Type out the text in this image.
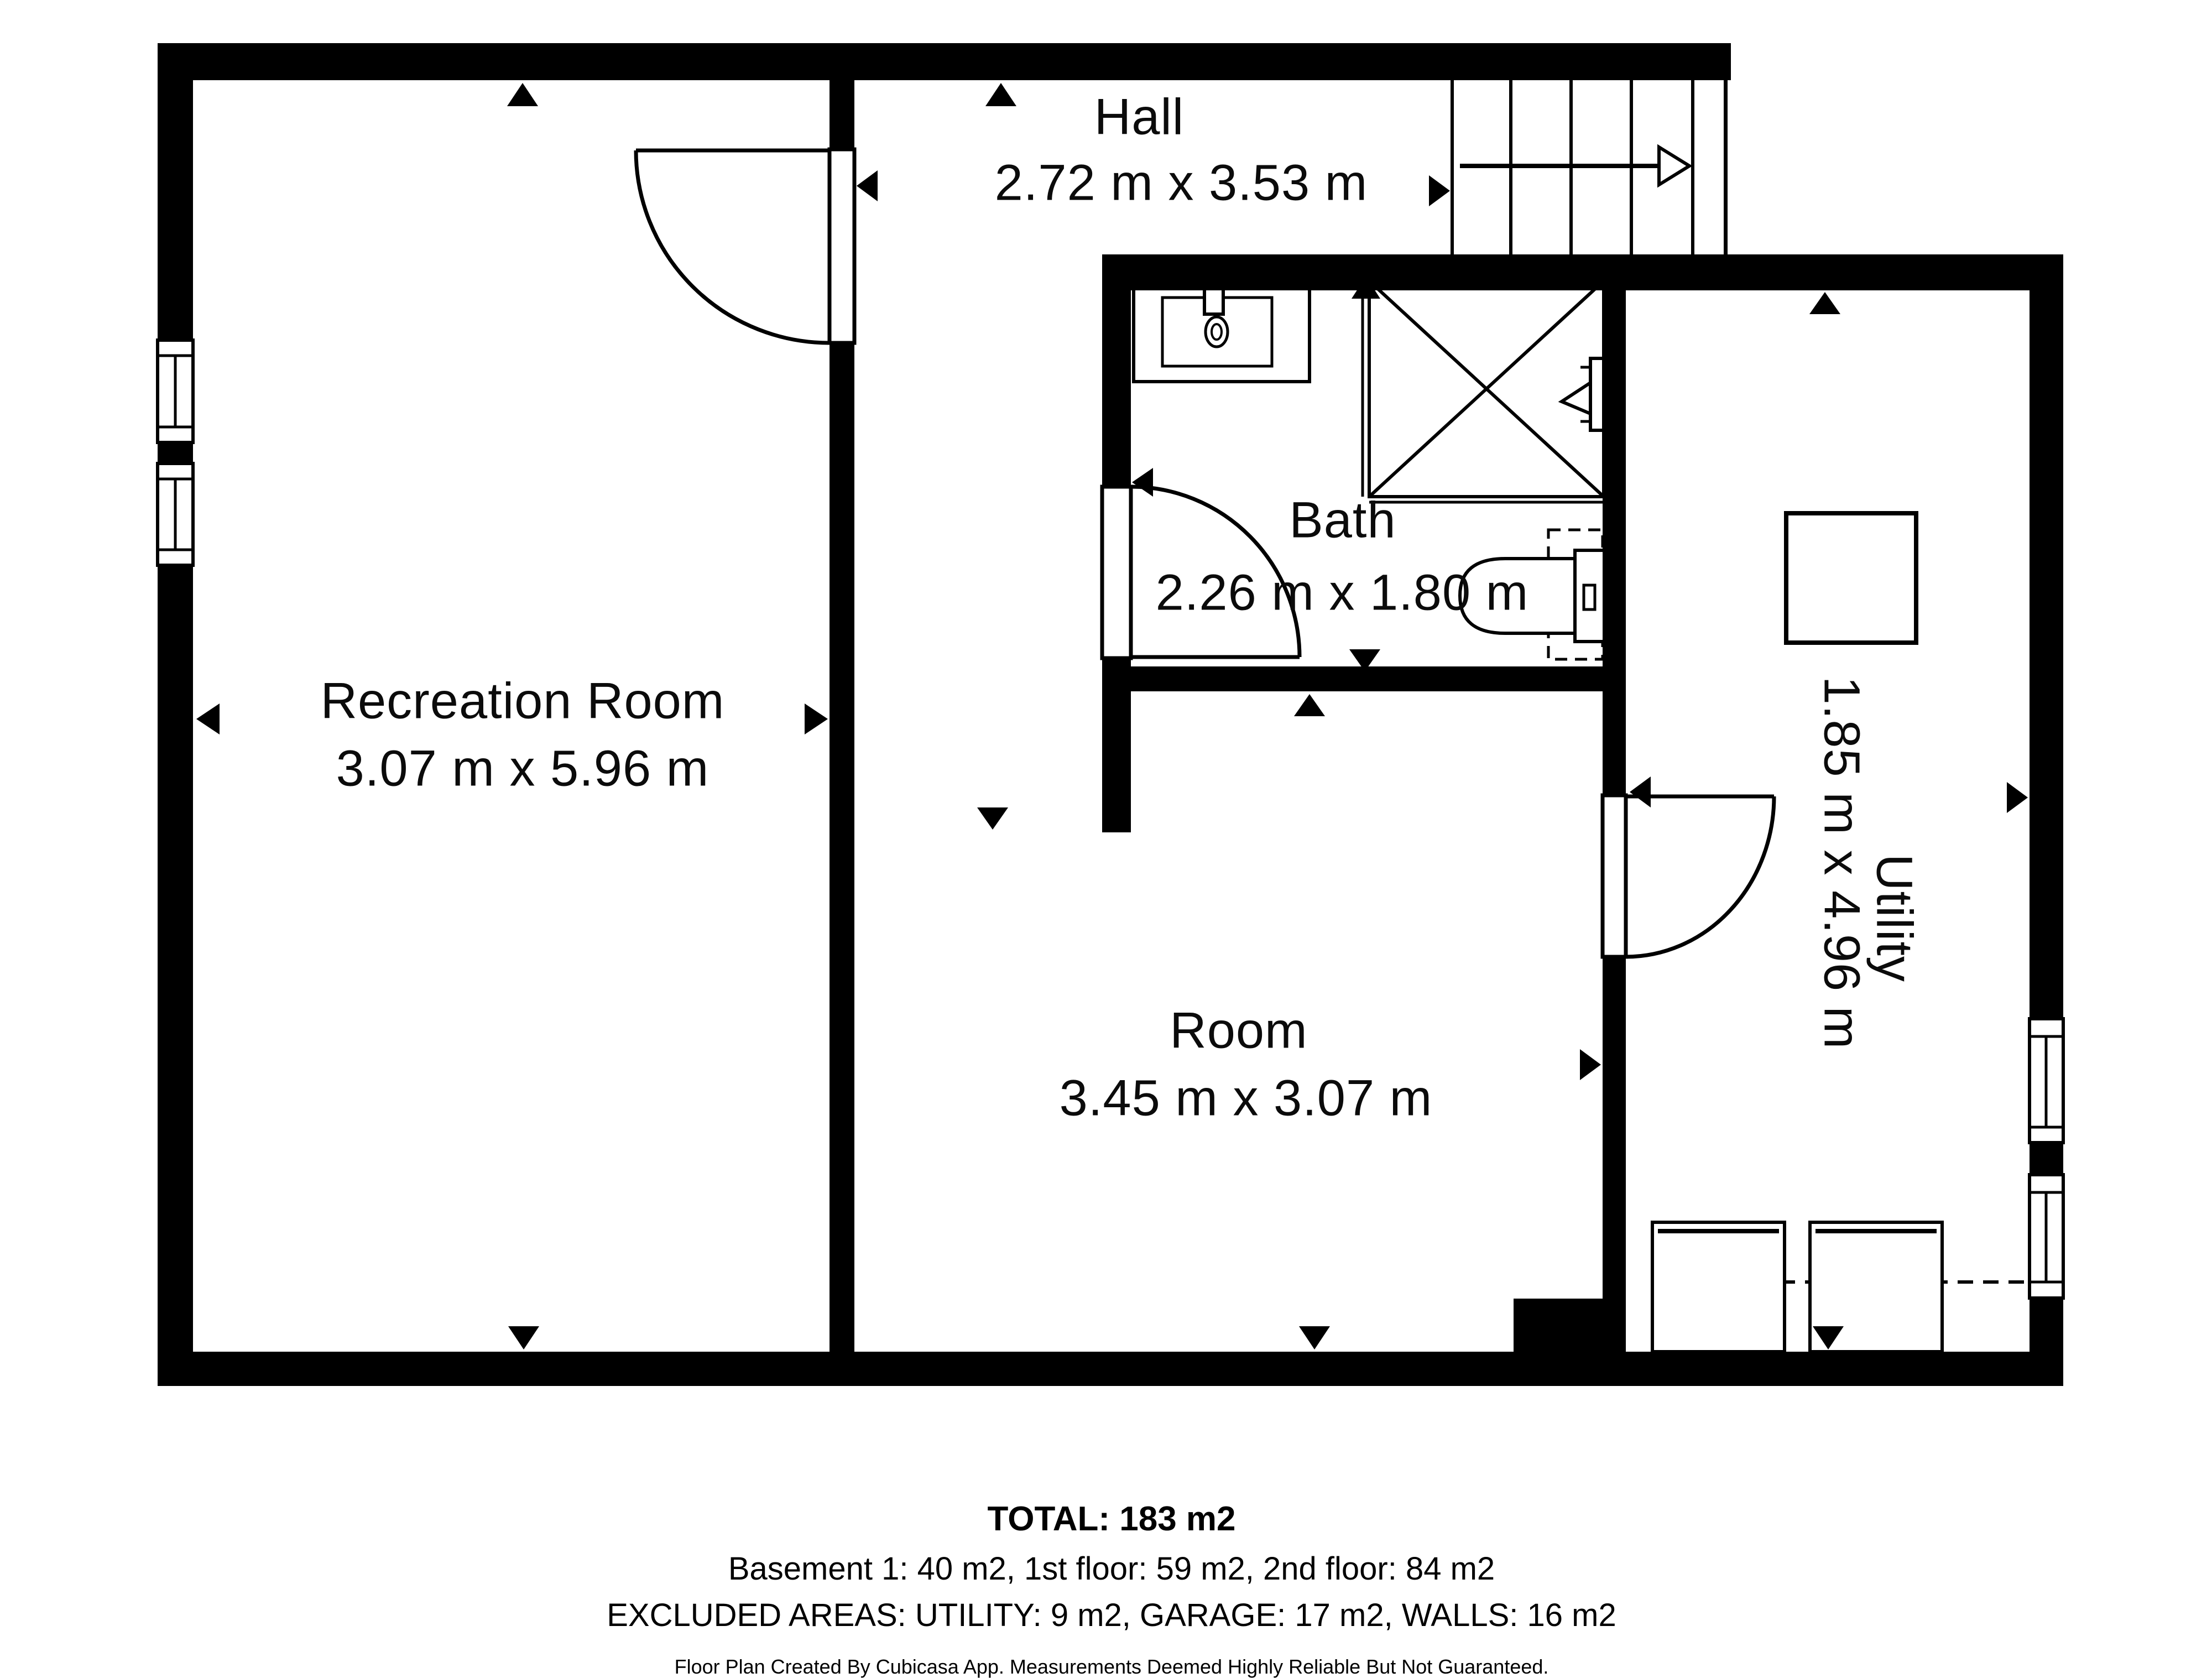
Hall
2.72 m x 3.53 m
Recreation Room
3.07 m x 5.96 m
Bath
2.26 m x 1.80 m
Room
3.45 m x 3.07 m
Utility
1.85 m x 4.96 m
TOTAL: 183 m2
Basement 1: 40 m2, 1st floor: 59 m2, 2nd floor: 84 m2
EXCLUDED AREAS: UTILITY: 9 m2, GARAGE: 17 m2, WALLS: 16 m2
Floor Plan Created By Cubicasa App. Measurements Deemed Highly Reliable But Not Guaranteed.
